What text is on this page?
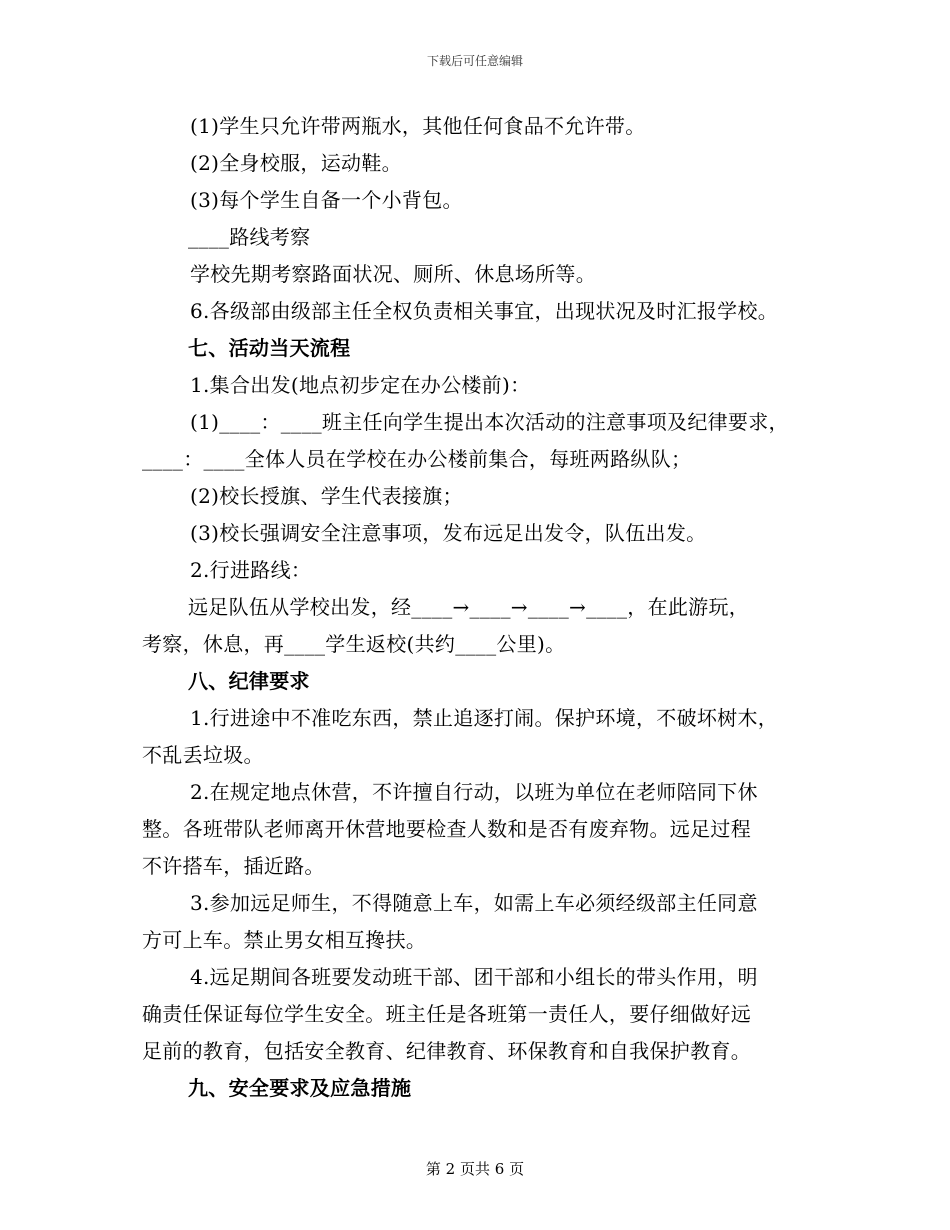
下载后可任意编辑
(1)学生只允许带两瓶水，其他任何食品不允许带。
(2)全身校服，运动鞋。
(3)每个学生自备一个小背包。
____路线考察
学校先期考察路面状况、厕所、休息场所等。
6.各级部由级部主任全权负责相关事宜，出现状况及时汇报学校。
七、活动当天流程
1.集合出发(地点初步定在办公楼前)：
(1)____：____班主任向学生提出本次活动的注意事项及纪律要求，
____：____全体人员在学校在办公楼前集合，每班两路纵队；
(2)校长授旗、学生代表接旗；
(3)校长强调安全注意事项，发布远足出发令，队伍出发。
2.行进路线：
远足队伍从学校出发，经____→____→____→____，在此游玩，
考察，休息，再____学生返校(共约____公里)。
八、纪律要求
1.行进途中不准吃东西，禁止追逐打闹。保护环境，不破坏树木，
不乱丢垃圾。
2.在规定地点休营，不许擅自行动，以班为单位在老师陪同下休
整。各班带队老师离开休营地要检查人数和是否有废弃物。远足过程
不许搭车，插近路。
3.参加远足师生，不得随意上车，如需上车必须经级部主任同意
方可上车。禁止男女相互搀扶。
4.远足期间各班要发动班干部、团干部和小组长的带头作用，明
确责任保证每位学生安全。班主任是各班第一责任人，要仔细做好远
足前的教育，包括安全教育、纪律教育、环保教育和自我保护教育。
九、安全要求及应急措施
第 2 页共 6 页
